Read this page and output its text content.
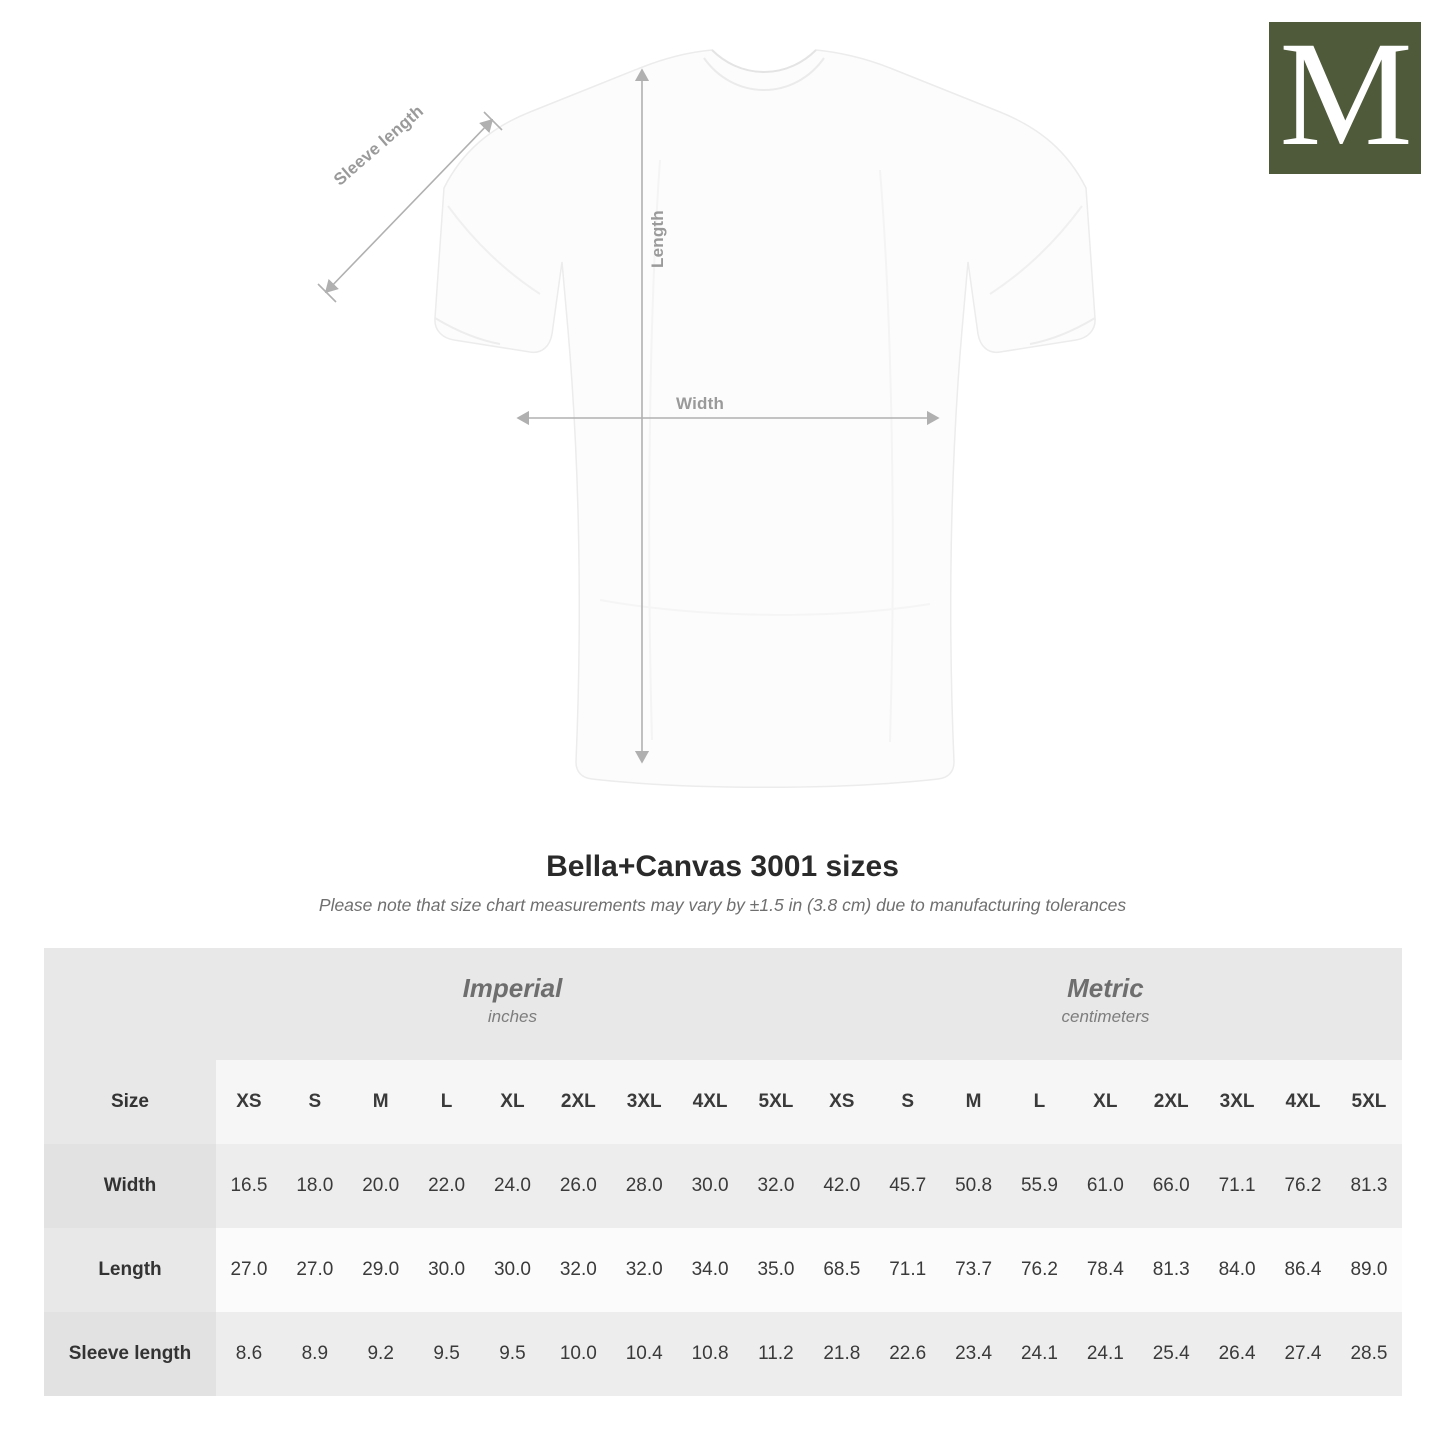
M
Sleeve length
Length
Width
Bella+Canvas 3001 sizes
Please note that size chart measurements may vary by ±1.5 in (3.8 cm) due to manufacturing tolerances

Imperial
inches

Metric
centimeters

Size	XS	S	M	L	XL	2XL	3XL	4XL	5XL	XS	S	M	L	XL	2XL	3XL	4XL	5XL
Width	16.5	18.0	20.0	22.0	24.0	26.0	28.0	30.0	32.0	42.0	45.7	50.8	55.9	61.0	66.0	71.1	76.2	81.3
Length	27.0	27.0	29.0	30.0	30.0	32.0	32.0	34.0	35.0	68.5	71.1	73.7	76.2	78.4	81.3	84.0	86.4	89.0
Sleeve length	8.6	8.9	9.2	9.5	9.5	10.0	10.4	10.8	11.2	21.8	22.6	23.4	24.1	24.1	25.4	26.4	27.4	28.5
